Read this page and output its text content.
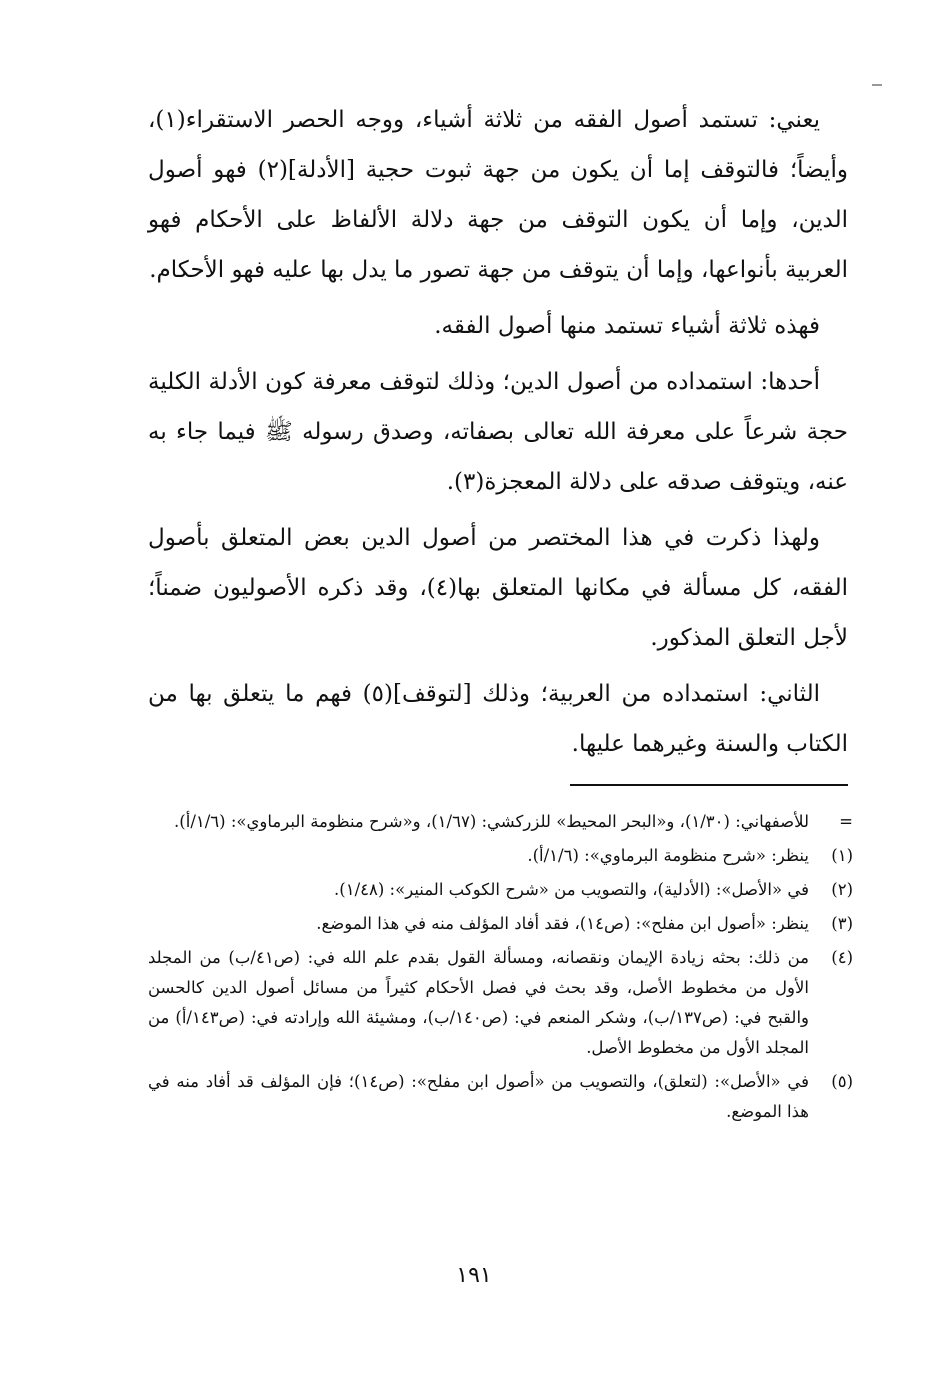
يعني: تستمد أصول الفقه من ثلاثة أشياء، ووجه الحصر الاستقراء(١)، وأيضاً؛ فالتوقف إما أن يكون من جهة ثبوت حجية [الأدلة](٢) فهو أصول الدين، وإما أن يكون التوقف من جهة دلالة الألفاظ على الأحكام فهو العربية بأنواعها، وإما أن يتوقف من جهة تصور ما يدل بها عليه فهو الأحكام.

فهذه ثلاثة أشياء تستمد منها أصول الفقه.

أحدها: استمداده من أصول الدين؛ وذلك لتوقف معرفة كون الأدلة الكلية حجة شرعاً على معرفة الله تعالى بصفاته، وصدق رسوله ﷺ فيما جاء به عنه، ويتوقف صدقه على دلالة المعجزة(٣).

ولهذا ذكرت في هذا المختصر من أصول الدين بعض المتعلق بأصول الفقه، كل مسألة في مكانها المتعلق بها(٤)، وقد ذكره الأصوليون ضمناً؛ لأجل التعلق المذكور.

الثاني: استمداده من العربية؛ وذلك [لتوقف](٥) فهم ما يتعلق بها من الكتاب والسنة وغيرهما عليها.

=
للأصفهاني: (١/٣٠)، و«البحر المحيط» للزركشي: (١/٦٧)، و«شرح منظومة البرماوي»: (١/٦/أ).
(١)
ينظر: «شرح منظومة البرماوي»: (١/٦/أ).
(٢)
في «الأصل»: (الأدلية)، والتصويب من «شرح الكوكب المنير»: (١/٤٨).
(٣)
ينظر: «أصول ابن مفلح»: (ص١٤)، فقد أفاد المؤلف منه في هذا الموضع.
(٤)
من ذلك: بحثه زيادة الإيمان ونقصانه، ومسألة القول بقدم علم الله في: (ص٤١/ب) من المجلد الأول من مخطوط الأصل، وقد بحث في فصل الأحكام كثيراً من مسائل أصول الدين كالحسن والقبح في: (ص١٣٧/ب)، وشكر المنعم في: (ص١٤٠/ب)، ومشيئة الله وإرادته في: (ص١٤٣/أ) من المجلد الأول من مخطوط الأصل.
(٥)
في «الأصل»: (لتعلق)، والتصويب من «أصول ابن مفلح»: (ص١٤)؛ فإن المؤلف قد أفاد منه في هذا الموضع.
١٩١
